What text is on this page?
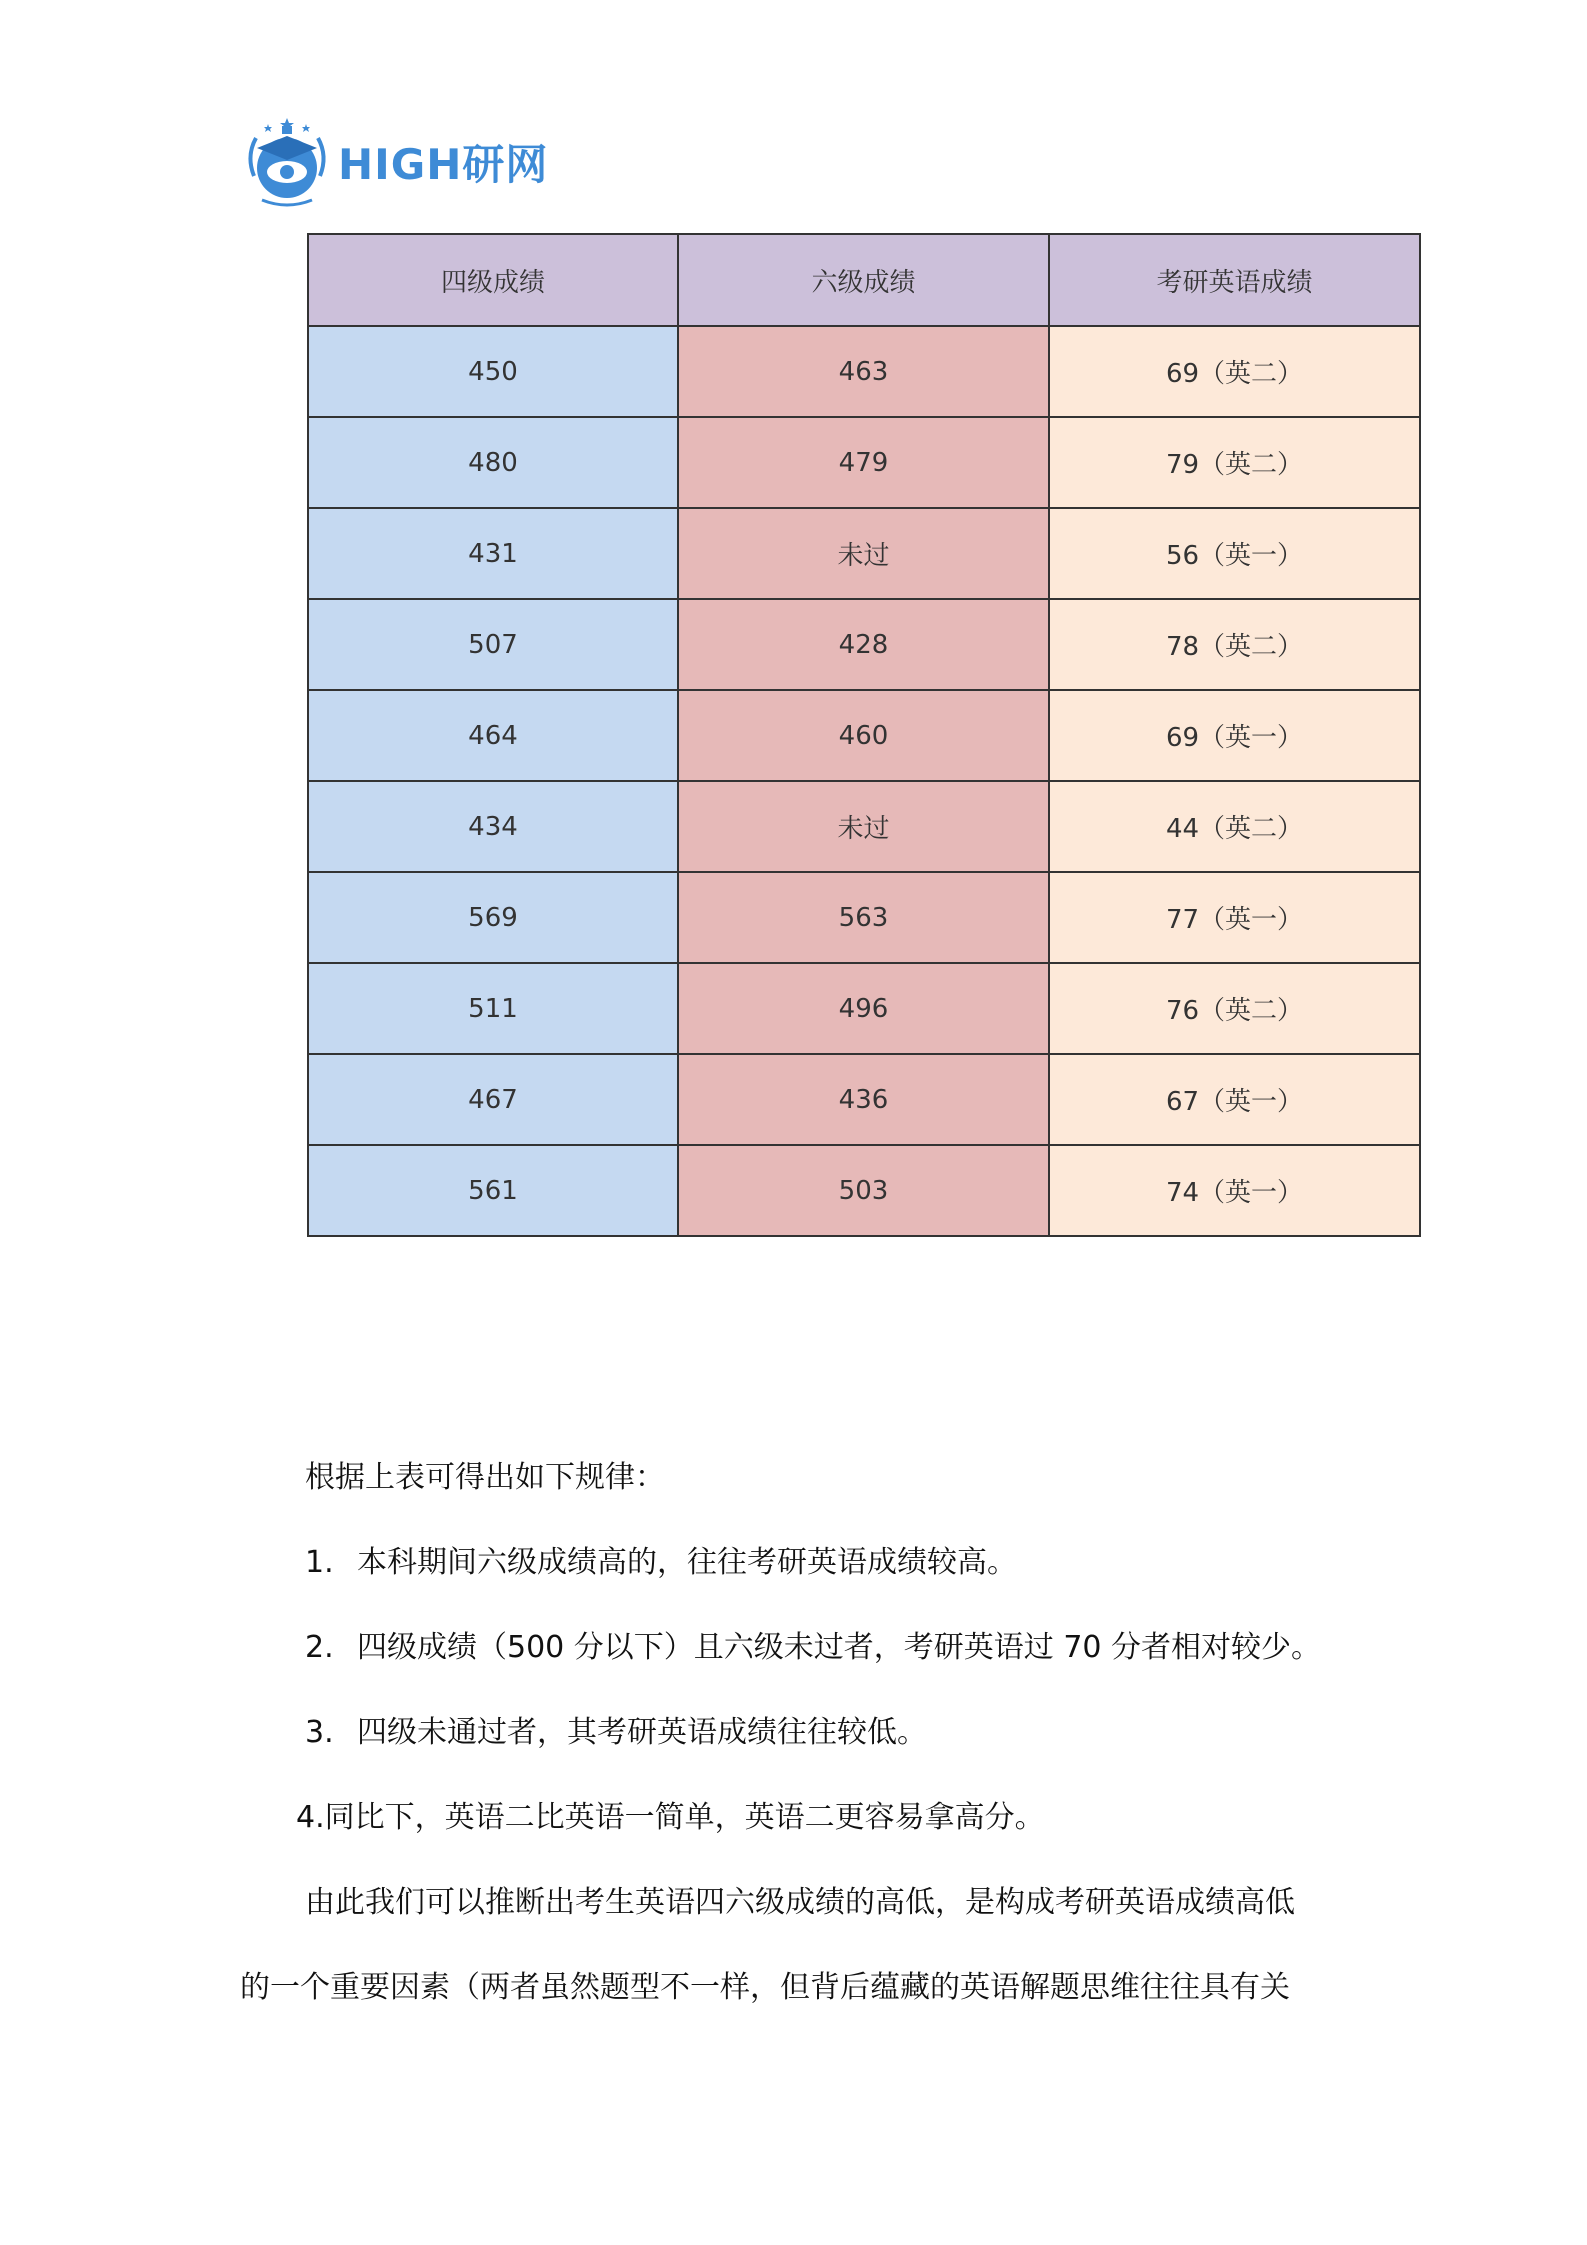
HIGH研网
四级成绩	六级成绩	考研英语成绩
450	463	69（英二）
480	479	79（英二）
431	未过	56（英一）
507	428	78（英二）
464	460	69（英一）
434	未过	44（英二）
569	563	77（英一）
511	496	76（英二）
467	436	67（英一）
561	503	74（英一）
根据上表可得出如下规律：
1. 本科期间六级成绩高的，往往考研英语成绩较高。
2. 四级成绩（500 分以下）且六级未过者，考研英语过 70 分者相对较少。
3. 四级未通过者，其考研英语成绩往往较低。
4.同比下，英语二比英语一简单，英语二更容易拿高分。
由此我们可以推断出考生英语四六级成绩的高低，是构成考研英语成绩高低
的一个重要因素（两者虽然题型不一样，但背后蕴藏的英语解题思维往往具有关
